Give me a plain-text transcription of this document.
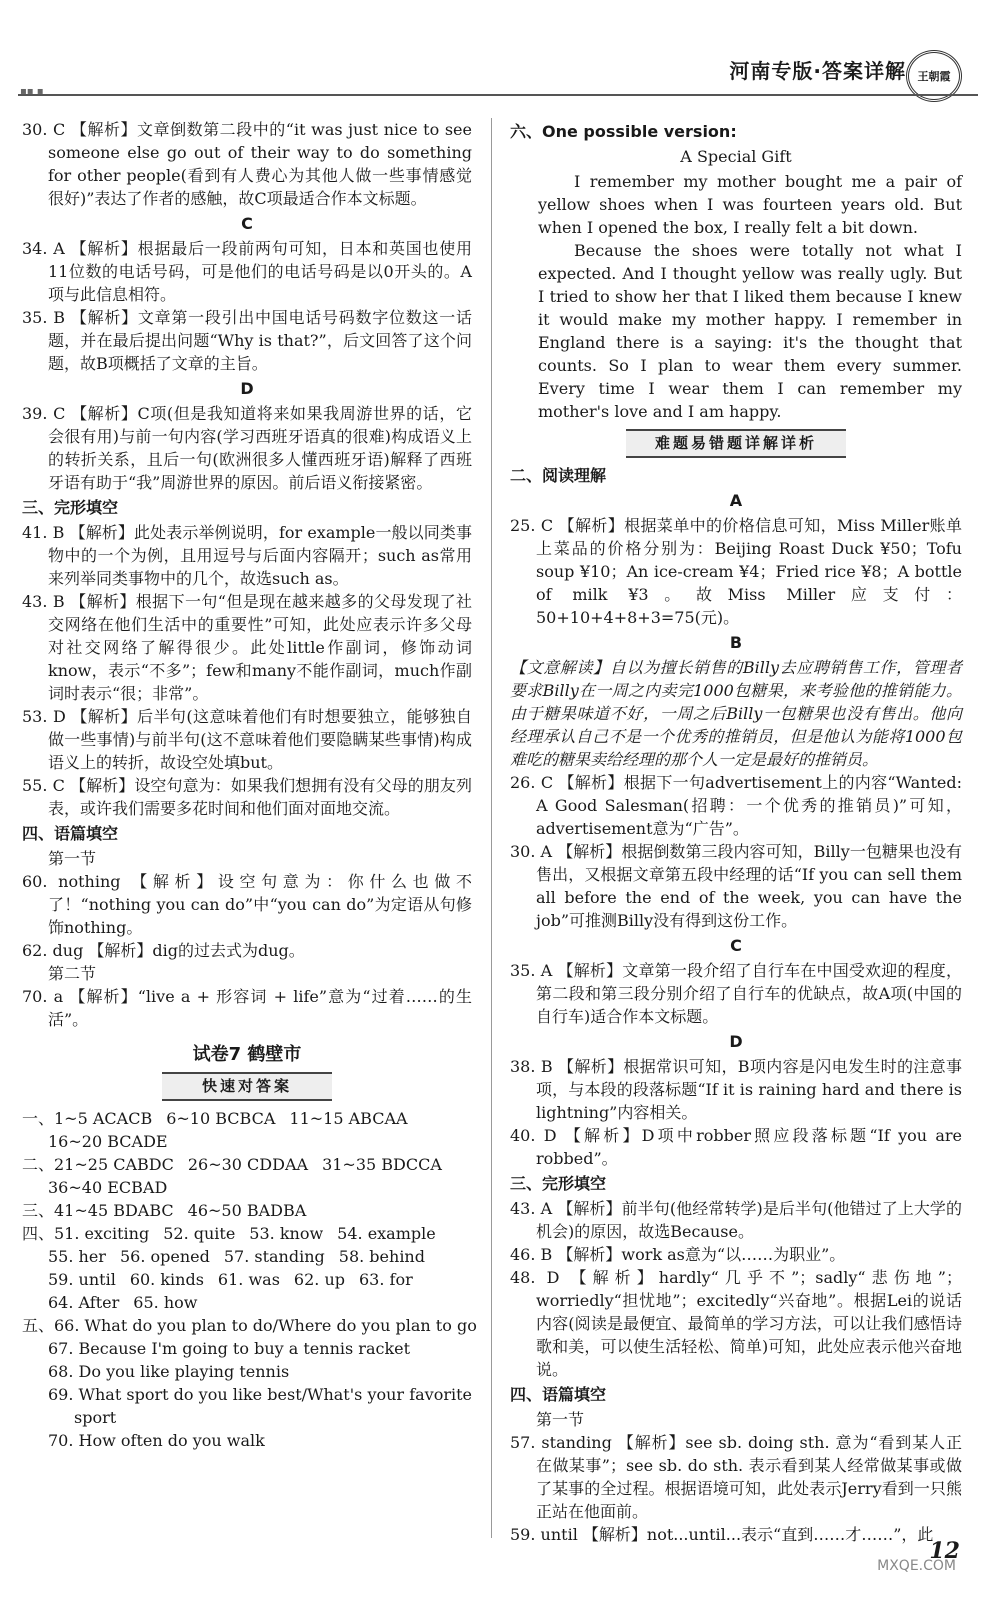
▪▪ ▪
河南专版·答案详解	王朝霞

30. C 【解析】文章倒数第二段中的“it was just nice to see someone else go out of their way to do something for other people(看到有人费心为其他人做一些事情感觉很好)”表达了作者的感触，故C项最适合作本文标题。

C

34. A 【解析】根据最后一段前两句可知，日本和英国也使用11位数的电话号码，可是他们的电话号码是以0开头的。A项与此信息相符。

35. B 【解析】文章第一段引出中国电话号码数字位数这一话题，并在最后提出问题“Why is that?”，后文回答了这个问题，故B项概括了文章的主旨。

D

39. C 【解析】C项(但是我知道将来如果我周游世界的话，它会很有用)与前一句内容(学习西班牙语真的很难)构成语义上的转折关系，且后一句(欧洲很多人懂西班牙语)解释了西班牙语有助于“我”周游世界的原因。前后语义衔接紧密。

三、完形填空

41. B 【解析】此处表示举例说明，for example一般以同类事物中的一个为例，且用逗号与后面内容隔开；such as常用来列举同类事物中的几个，故选such as。

43. B 【解析】根据下一句“但是现在越来越多的父母发现了社交网络在他们生活中的重要性”可知，此处应表示许多父母对社交网络了解得很少。此处little作副词，修饰动词know，表示“不多”；few和many不能作副词，much作副词时表示“很；非常”。

53. D 【解析】后半句(这意味着他们有时想要独立，能够独自做一些事情)与前半句(这不意味着他们要隐瞒某些事情)构成语义上的转折，故设空处填but。

55. C 【解析】设空句意为：如果我们想拥有没有父母的朋友列表，或许我们需要多花时间和他们面对面地交流。

四、语篇填空

第一节

60. nothing 【解析】设空句意为：你什么也做不了！“nothing you can do”中“you can do”为定语从句修饰nothing。

62. dug 【解析】dig的过去式为dug。

第二节

70. a 【解析】“live a + 形容词 + life”意为“过着……的生活”。

试卷7 鹤壁市

快速对答案

一、1~5 ACACB 6~10 BCBCA 11~15 ABCAA

16~20 BCADE

二、21~25 CABDC 26~30 CDDAA 31~35 BDCCA

36~40 ECBAD

三、41~45 BDABC 46~50 BADBA

四、51. exciting 52. quite 53. know 54. example

55. her 56. opened 57. standing 58. behind

59. until 60. kinds 61. was 62. up 63. for

64. After 65. how

五、66. What do you plan to do/Where do you plan to go

67. Because I'm going to buy a tennis racket

68. Do you like playing tennis

69. What sport do you like best/What's your favorite sport

70. How often do you walk

六、One possible version:

A Special Gift

I remember my mother bought me a pair of yellow shoes when I was fourteen years old. But when I opened the box, I really felt a bit down.

Because the shoes were totally not what I expected. And I thought yellow was really ugly. But I tried to show her that I liked them because I knew it would make my mother happy. I remember in England there is a saying: it's the thought that counts. So I plan to wear them every summer. Every time I wear them I can remember my mother's love and I am happy.

难题易错题详解详析

二、阅读理解

A

25. C 【解析】根据菜单中的价格信息可知，Miss Miller账单上菜品的价格分别为：Beijing Roast Duck ¥50；Tofu soup ¥10；An ice-cream ¥4；Fried rice ¥8；A bottle of milk ¥3。故Miss Miller应支付：50+10+4+8+3=75(元)。

B

【文意解读】自以为擅长销售的Billy去应聘销售工作，管理者要求Billy在一周之内卖完1000包糖果，来考验他的推销能力。由于糖果味道不好，一周之后Billy一包糖果也没有售出。他向经理承认自己不是一个优秀的推销员，但是他认为能将1000包难吃的糖果卖给经理的那个人一定是最好的推销员。

26. C 【解析】根据下一句advertisement上的内容“Wanted: A Good Salesman(招聘：一个优秀的推销员)”可知，advertisement意为“广告”。

30. A 【解析】根据倒数第三段内容可知，Billy一包糖果也没有售出，又根据文章第五段中经理的话“If you can sell them all before the end of the week, you can have the job”可推测Billy没有得到这份工作。

C

35. A 【解析】文章第一段介绍了自行车在中国受欢迎的程度，第二段和第三段分别介绍了自行车的优缺点，故A项(中国的自行车)适合作本文标题。

D

38. B 【解析】根据常识可知，B项内容是闪电发生时的注意事项，与本段的段落标题“If it is raining hard and there is lightning”内容相关。

40. D 【解析】D项中robber照应段落标题“If you are robbed”。

三、完形填空

43. A 【解析】前半句(他经常转学)是后半句(他错过了上大学的机会)的原因，故选Because。

46. B 【解析】work as意为“以……为职业”。

48. D 【解析】hardly“几乎不”；sadly“悲伤地”；worriedly“担忧地”；excitedly“兴奋地”。根据Lei的说话内容(阅读是最便宜、最简单的学习方法，可以让我们感悟诗歌和美，可以使生活轻松、简单)可知，此处应表示他兴奋地说。

四、语篇填空

第一节

57. standing 【解析】see sb. doing sth. 意为“看到某人正在做某事”；see sb. do sth. 表示看到某人经常做某事或做了某事的全过程。根据语境可知，此处表示Jerry看到一只熊正站在他面前。

59. until 【解析】not...until...表示“直到……才……”，此

12
MXQE.COM
